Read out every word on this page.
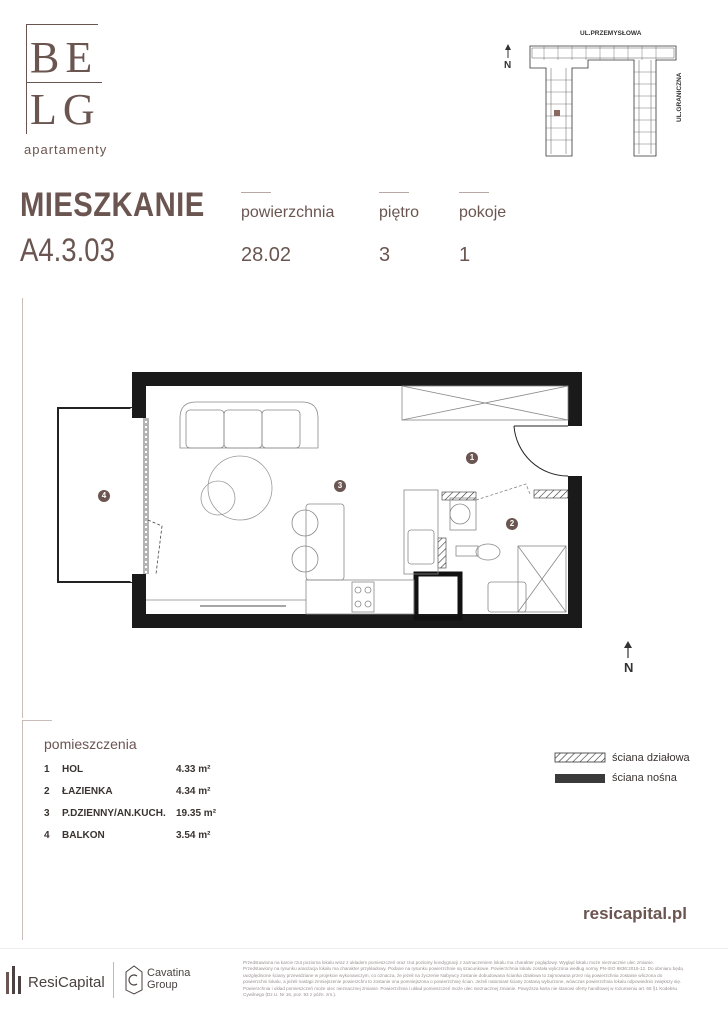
BE
LG
apartamenty
UL.PRZEMYSŁOWA
UL.GRANICZNA
N
MIESZKANIE
A4.3.03
powierzchnia
28.02
piętro
3
pokoje
1
4
3
1
2
N
pomieszczenia
1 HOL	4.33 m²
2 ŁAZIENKA	4.34 m²
3 P.DZIENNY/AN.KUCH. 19.35 m²
4 BALKON	3.54 m²
ściana działowa
ściana nośna
resicapital.pl
ResiCapital
Cavatina
Group
Przedstawiona na karcie rzut pozioma lokalu wraz z układem pomieszczeń oraz rzut poziomy kondygnacji z zaznaczeniem lokalu ma charakter poglądowy. Wygląd lokalu może nieznacznie ulec zmianie. Przedstawiony na rysunku aranżacja lokalu ma charakter przykładowy. Podane na rysunku powierzchnie są szacunkowe. Powierzchnia lokalu została wyliczona według normy PN-ISO 9836:2015-12. Do obmiaru będą uwzględnione ściany przewidziane w projekcie wykonawczym, co oznacza, że jeżeli na życzenie Nabywcy zostanie dobudowana ścianka działowa to zajmowana przez nią powierzchnia zostanie wliczona do powierzchni lokalu, a jeżeli nastąpi zmniejszenie powierzchni to zostanie ona pomniejszona o powierzchnię ścian. Jeżeli natomiast ściany zostaną wyburzone, wówczas powierzchnia lokalu odpowiednio zwiększy się. Powierzchnia i układ pomieszczeń może ulec nieznacznej zmianie. Powierzchnia i układ pomieszczeń może ulec nieznacznej zmianie. Powyższa karta nie stanowi oferty handlowej w rozumieniu art. 66 §1 Kodeksu Cywilnego (Dz.U. Nr 16, poz. 93 z późn. zm.).
